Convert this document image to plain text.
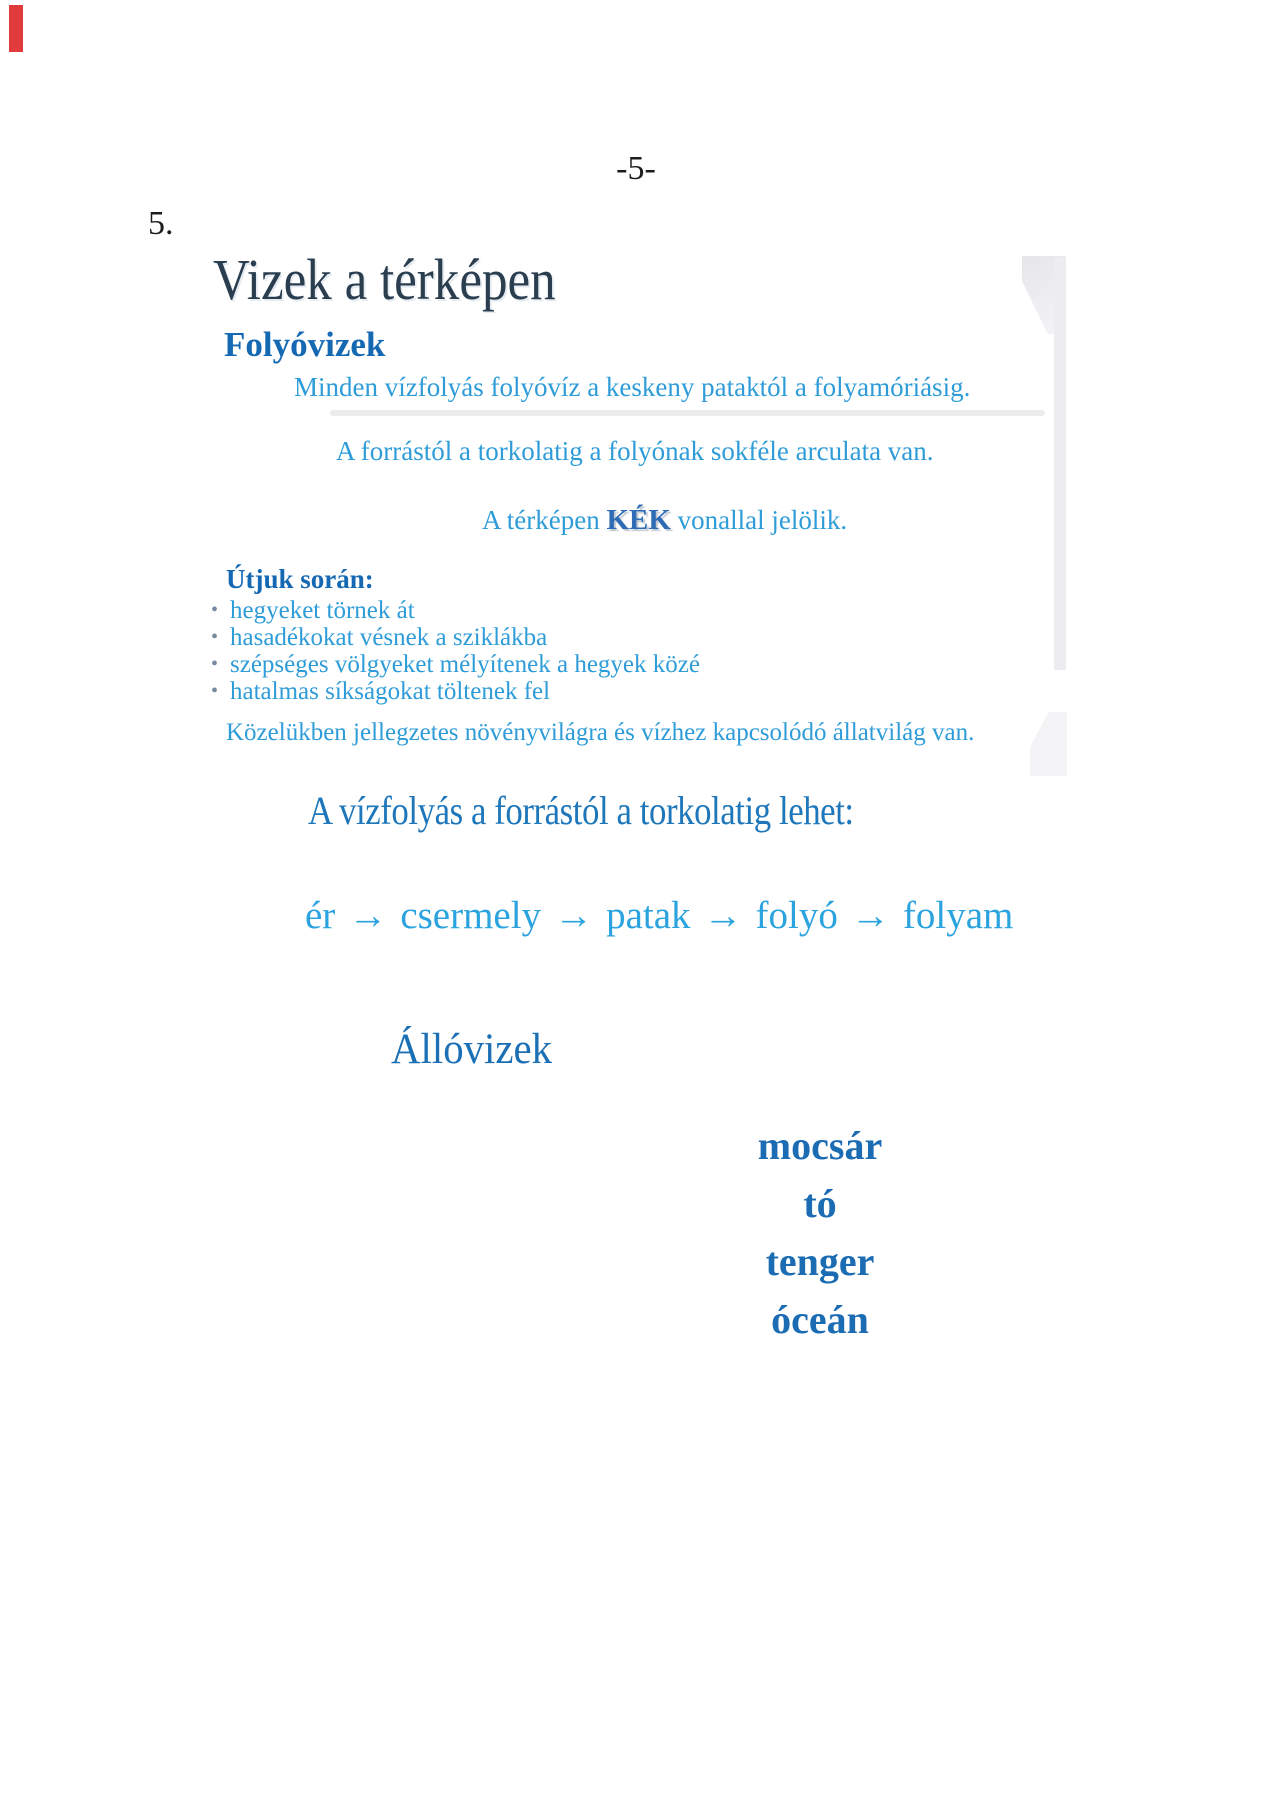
-5-
5.
Vizek a térképen
Folyóvizek
Minden vízfolyás folyóvíz a keskeny pataktól a folyamóriásig.
A forrástól a torkolatig a folyónak sokféle arculata van.
A térképen KÉK vonallal jelölik.
Útjuk során:
• hegyeket törnek át
• hasadékokat vésnek a sziklákba
• szépséges völgyeket mélyítenek a hegyek közé
• hatalmas síkságokat töltenek fel
Közelükben jellegzetes növényvilágra és vízhez kapcsolódó állatvilág van.
A vízfolyás a forrástól a torkolatig lehet:
ér → csermely → patak → folyó → folyam
Állóvizek
mocsár
tó
tenger
óceán
